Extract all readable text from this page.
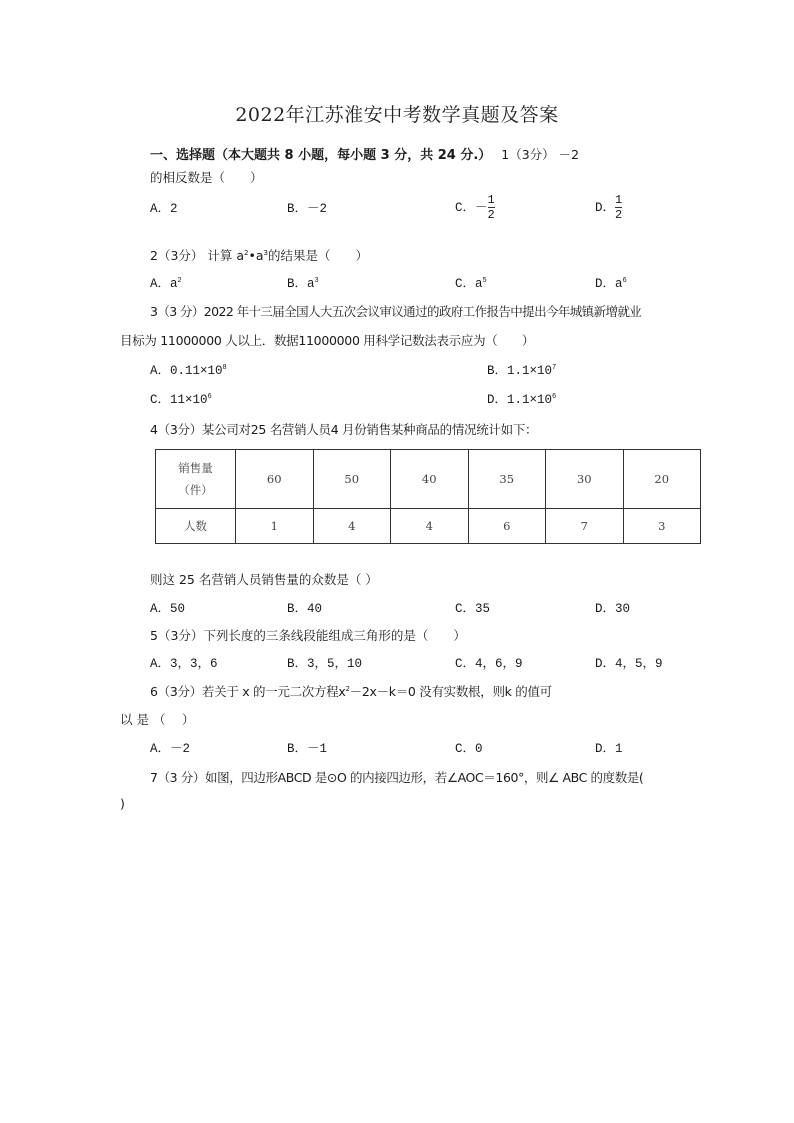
2022年江苏淮安中考数学真题及答案
一、选择题（本大题共 8 小题，每小题 3 分，共 24 分.） 1（3分） －2
的相反数是（　　）
A．2	B．－2	C．－ $\frac{1}{2}$	D． $\frac{1}{2}$
2（3分） 计算 $a^2•a^3$的结果是（　　）
A．$a^2$	B．$a^3$	C．$a^5$	D．$a^6$
3（3 分）2022 年十三届全国人大五次会议审议通过的政府工作报告中提出今年城镇新增就业
目标为 11000000 人以上．数据11000000 用科学记数法表示应为（　　）
A．$0.11\times 10^8$	B．$1.1\times 10^7$
C．$11\times 10^6$	D．$1.1\times 10^6$
4（3分）某公司对25 名营销人员4 月份销售某种商品的情况统计如下：
销售量
（件）	60	50	40	35	30	20
人数	1	4	4	6	7	3
则这 25 名营销人员销售量的众数是（ ）
A．50	B．40	C．35	D．30
5（3分）下列长度的三条线段能组成三角形的是（　　）
A．3，3，6	B．3，5，10	C．4，6，9	D．4，5，9
6（3分）若关于 x 的一元二次方程$x^2-2x-k=0$ 没有实数根，则k 的值可
以 是 （　 ）
A．－2	B．－1	C．0	D．1
7（3 分）如图，四边形ABCD 是⊙O 的内接四边形，若∠AOC＝160°，则∠ ABC 的度数是(
)
